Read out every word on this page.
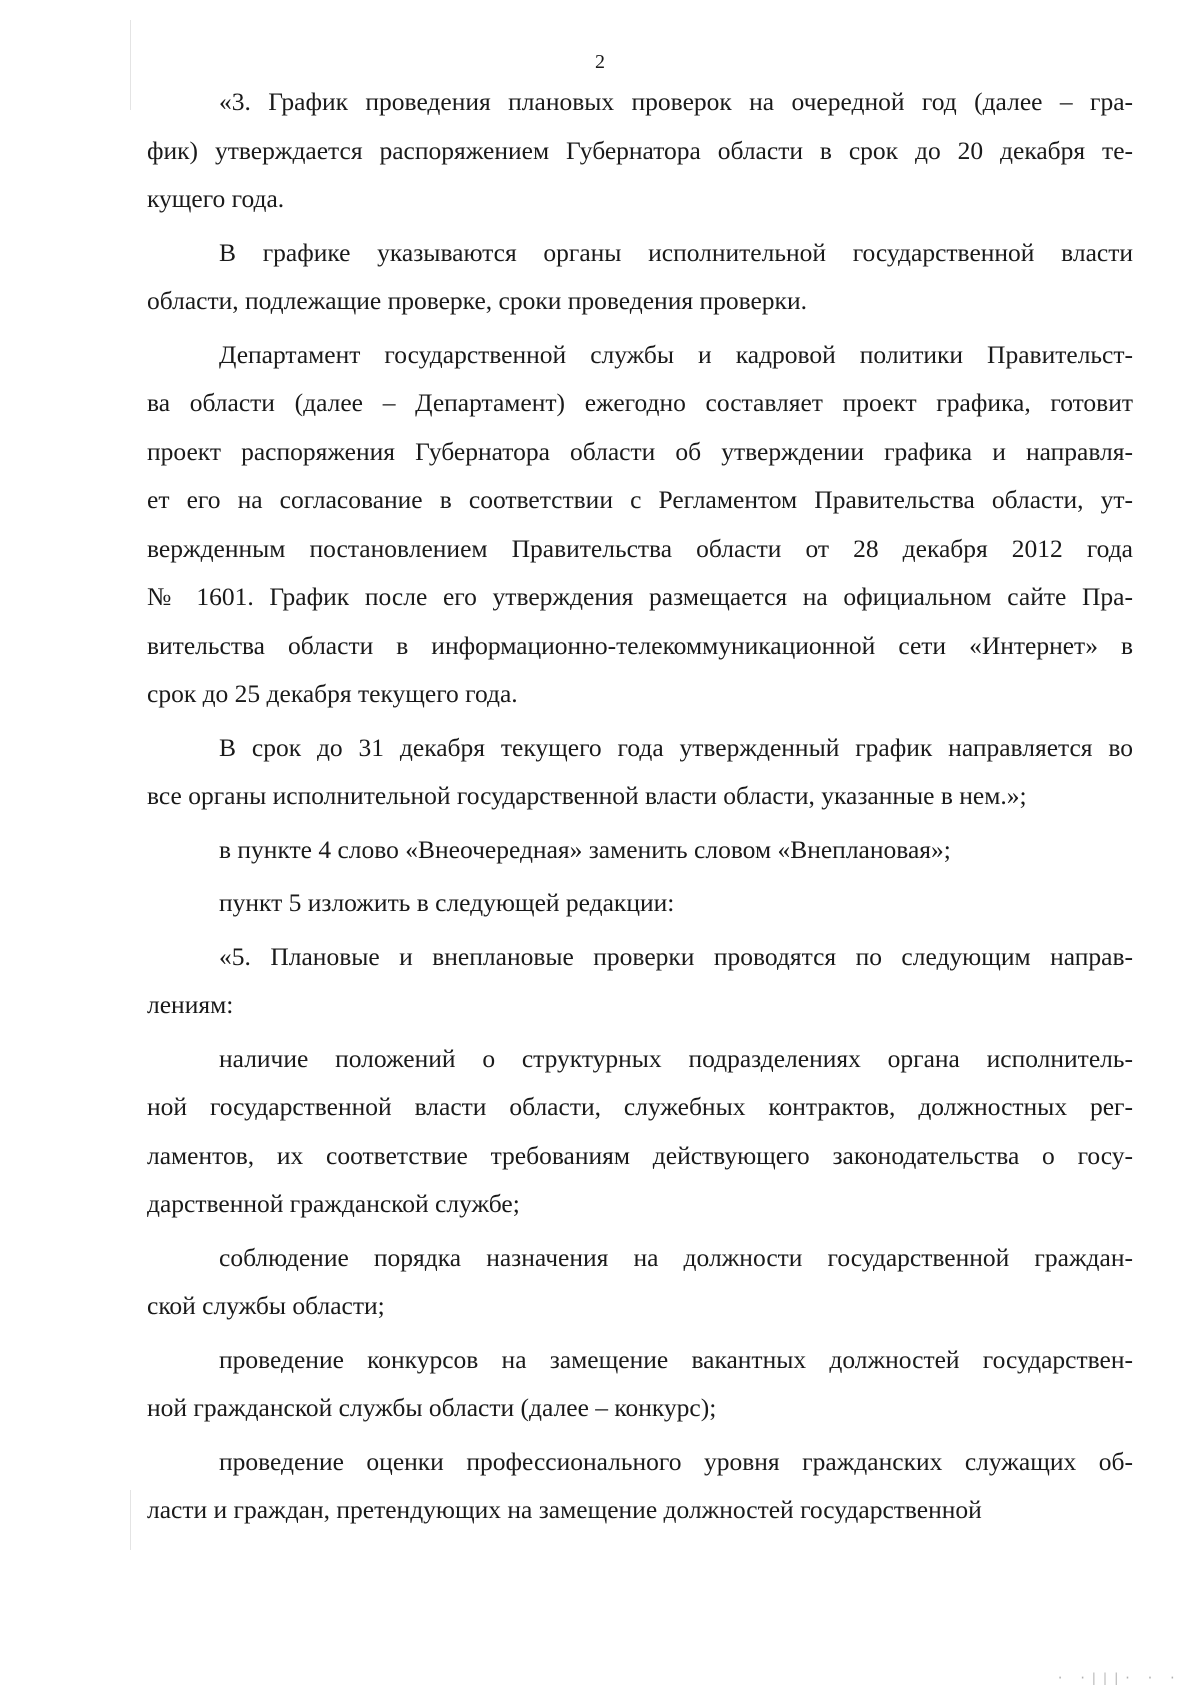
2
«3. График проведения плановых проверок на очередной год (далее – гра-
фик) утверждается распоряжением Губернатора области в срок до 20 декабря те-
кущего года.
В графике указываются органы исполнительной государственной власти
области, подлежащие проверке, сроки проведения проверки.
Департамент государственной службы и кадровой политики Правительст-
ва области (далее – Департамент) ежегодно составляет проект графика, готовит
проект распоряжения Губернатора области об утверждении графика и направля-
ет его на согласование в соответствии с Регламентом Правительства области, ут-
вержденным постановлением Правительства области от 28 декабря 2012 года
№ 1601. График после его утверждения размещается на официальном сайте Пра-
вительства области в информационно-телекоммуникационной сети «Интернет» в
срок до 25 декабря текущего года.
В срок до 31 декабря текущего года утвержденный график направляется во
все органы исполнительной государственной власти области, указанные в нем.»;
в пункте 4 слово «Внеочередная» заменить словом «Внеплановая»;
пункт 5 изложить в следующей редакции:
«5. Плановые и внеплановые проверки проводятся по следующим направ-
лениям:
наличие положений о структурных подразделениях органа исполнитель-
ной государственной власти области, служебных контрактов, должностных рег-
ламентов, их соответствие требованиям действующего законодательства о госу-
дарственной гражданской службе;
соблюдение порядка назначения на должности государственной граждан-
ской службы области;
проведение конкурсов на замещение вакантных должностей государствен-
ной гражданской службы области (далее – конкурс);
проведение оценки профессионального уровня гражданских служащих об-
ласти и граждан, претендующих на замещение должностей государственной
· ·|||· · ·
